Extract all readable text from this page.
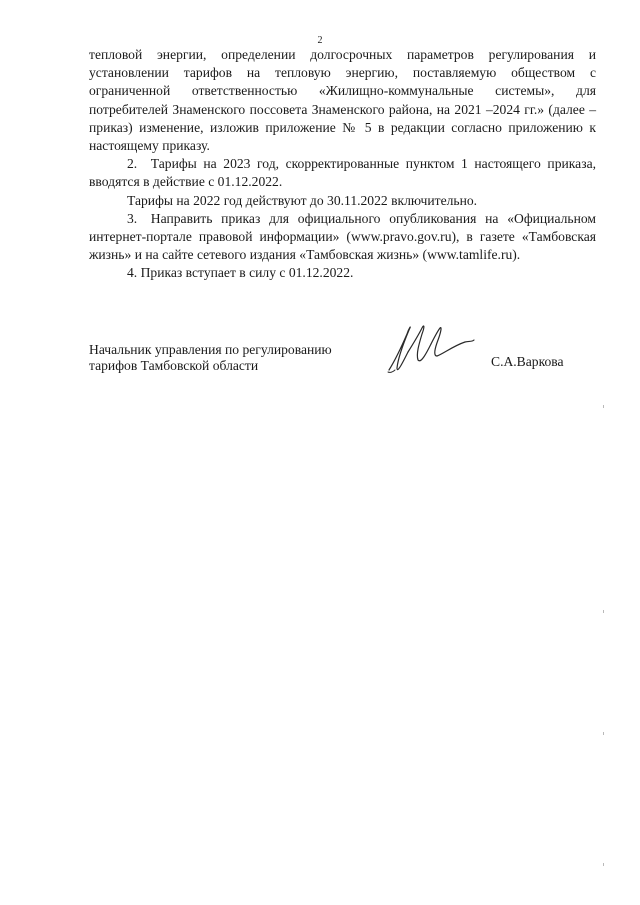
2

тепловой энергии, определении долгосрочных параметров регулирования и установлении тарифов на тепловую энергию, поставляемую обществом с ограниченной ответственностью «Жилищно-коммунальные системы», для потребителей Знаменского поссовета Знаменского района, на 2021 –2024 гг.» (далее – приказ) изменение, изложив приложение № 5 в редакции согласно приложению к настоящему приказу.

2. Тарифы на 2023 год, скорректированные пунктом 1 настоящего приказа, вводятся в действие с 01.12.2022.

Тарифы на 2022 год действуют до 30.11.2022 включительно.

3. Направить приказ для официального опубликования на «Официальном интернет-портале правовой информации» (www.pravo.gov.ru), в газете «Тамбовская жизнь» и на сайте сетевого издания «Тамбовская жизнь» (www.tamlife.ru).

4. Приказ вступает в силу с 01.12.2022.

Начальник управления по регулированию
тарифов Тамбовской области	С.А.Варкова
